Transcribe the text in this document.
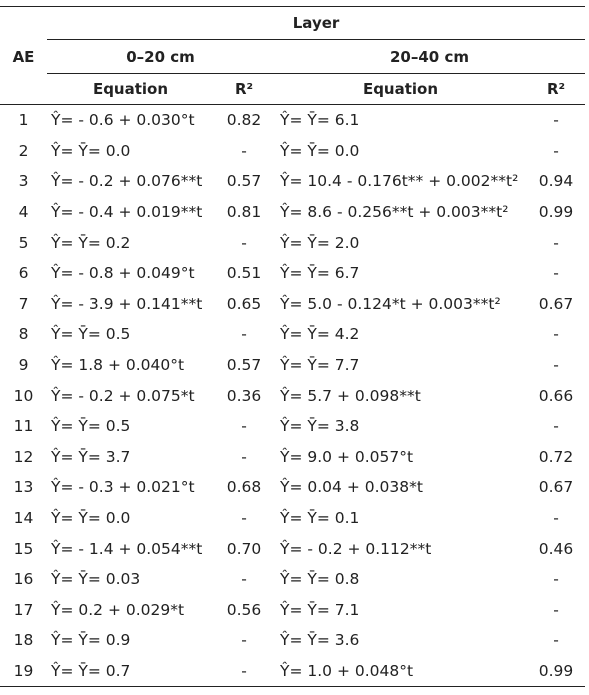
	Layer			
AE	0–20 cm		20–40 cm	
	Equation	R²	Equation	R²
1	Ŷ= - 0.6 + 0.030°t	0.82	Ŷ= Ȳ= 6.1	-
2	Ŷ= Ȳ= 0.0	-	Ŷ= Ȳ= 0.0	-
3	Ŷ= - 0.2 + 0.076**t	0.57	Ŷ= 10.4 - 0.176t** + 0.002**t²	0.94
4	Ŷ= - 0.4 + 0.019**t	0.81	Ŷ= 8.6 - 0.256**t + 0.003**t²	0.99
5	Ŷ= Ȳ= 0.2	-	Ŷ= Ȳ= 2.0	-
6	Ŷ= - 0.8 + 0.049°t	0.51	Ŷ= Ȳ= 6.7	-
7	Ŷ= - 3.9 + 0.141**t	0.65	Ŷ= 5.0 - 0.124*t + 0.003**t²	0.67
8	Ŷ= Ȳ= 0.5	-	Ŷ= Ȳ= 4.2	-
9	Ŷ= 1.8 + 0.040°t	0.57	Ŷ= Ȳ= 7.7	-
10	Ŷ= - 0.2 + 0.075*t	0.36	Ŷ= 5.7 + 0.098**t	0.66
11	Ŷ= Ȳ= 0.5	-	Ŷ= Ȳ= 3.8	-
12	Ŷ= Ȳ= 3.7	-	Ŷ= 9.0 + 0.057°t	0.72
13	Ŷ= - 0.3 + 0.021°t	0.68	Ŷ= 0.04 + 0.038*t	0.67
14	Ŷ= Ȳ= 0.0	-	Ŷ= Ȳ= 0.1	-
15	Ŷ= - 1.4 + 0.054**t	0.70	Ŷ= - 0.2 + 0.112**t	0.46
16	Ŷ= Ȳ= 0.03	-	Ŷ= Ȳ= 0.8	-
17	Ŷ= 0.2 + 0.029*t	0.56	Ŷ= Ȳ= 7.1	-
18	Ŷ= Ȳ= 0.9	-	Ŷ= Ȳ= 3.6	-
19	Ŷ= Ȳ= 0.7	-	Ŷ= 1.0 + 0.048°t	0.99
